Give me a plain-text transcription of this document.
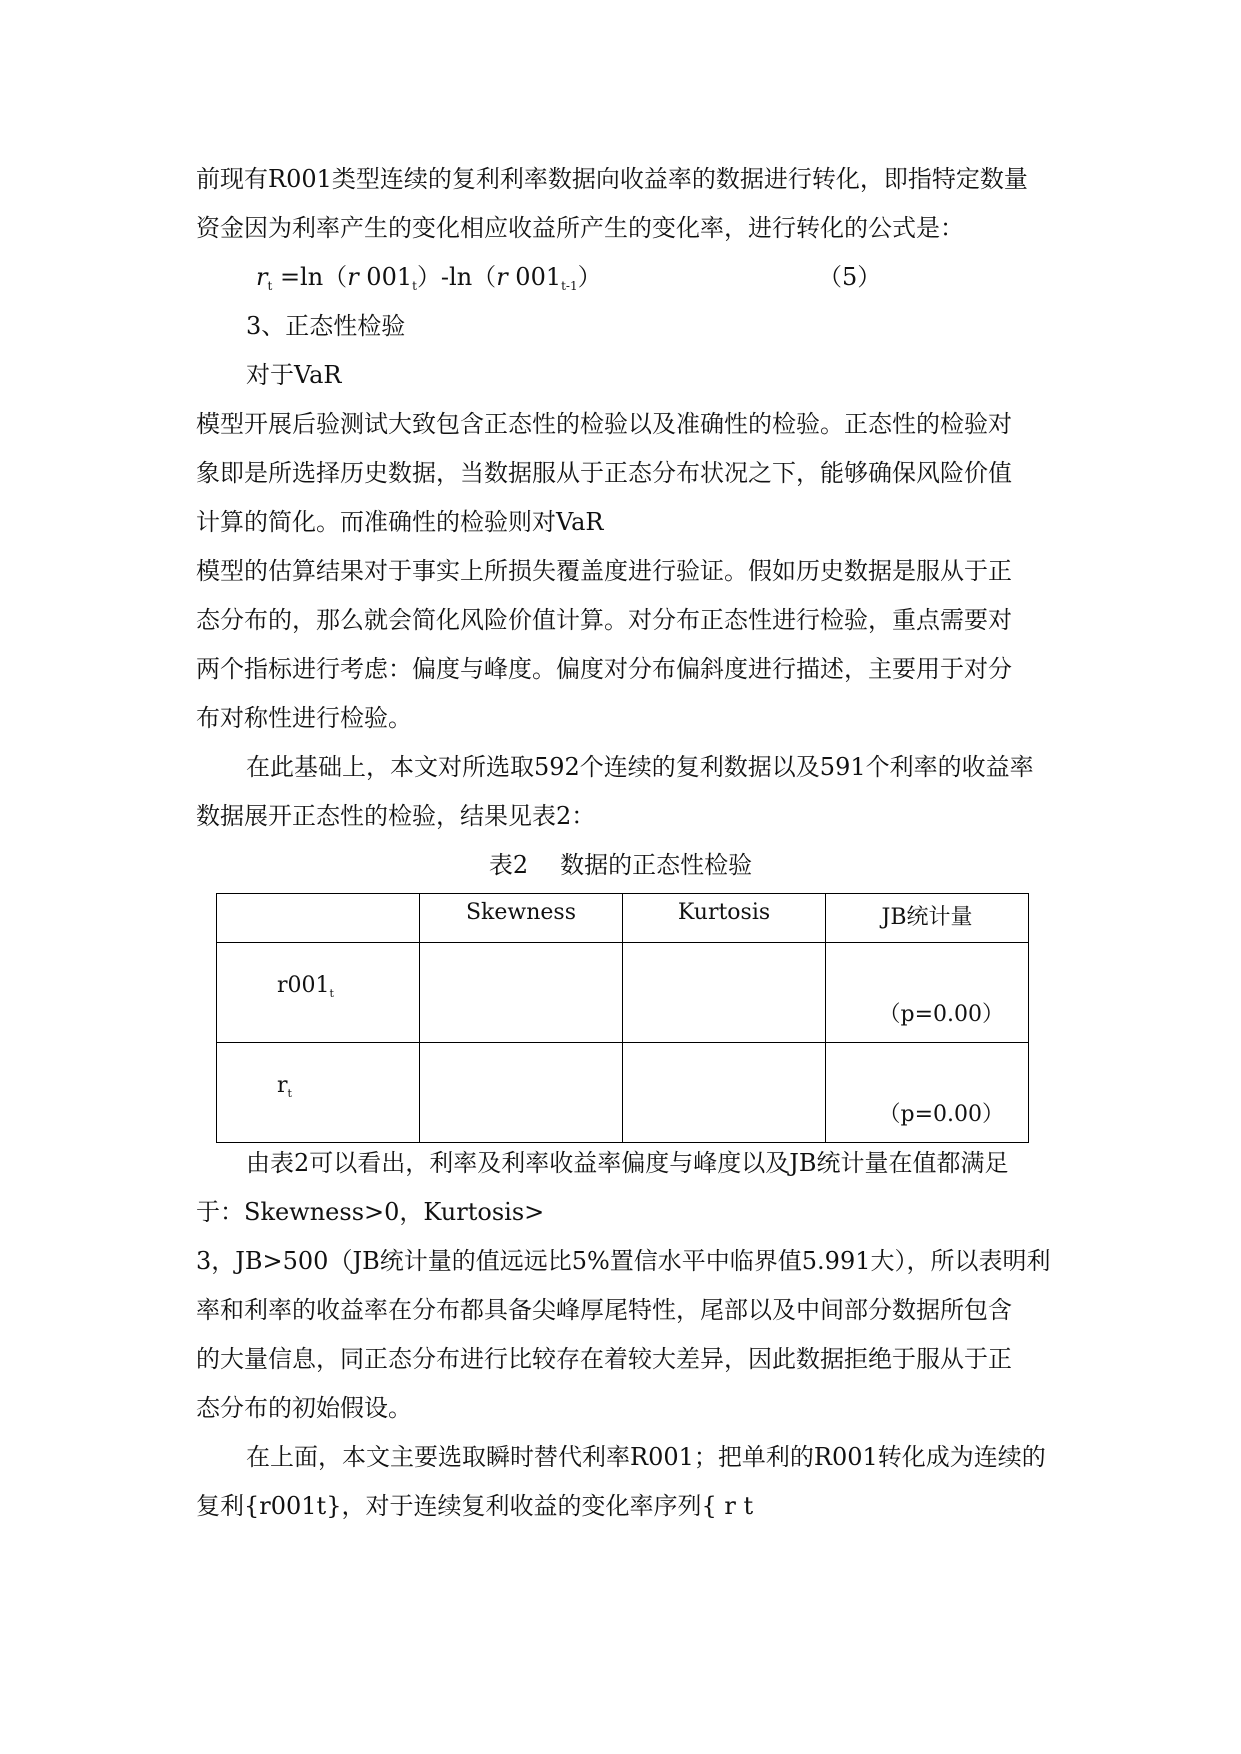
前现有R001类型连续的复利利率数据向收益率的数据进行转化，即指特定数量
资金因为利率产生的变化相应收益所产生的变化率，进行转化的公式是：
$r_t =\ln(r$ $001_t)-\ln(r$ $001_{t-1}$）	（5）
3、正态性检验
对于VaR
模型开展后验测试大致包含正态性的检验以及准确性的检验。正态性的检验对
象即是所选择历史数据，当数据服从于正态分布状况之下，能够确保风险价值
计算的简化。而准确性的检验则对VaR
模型的估算结果对于事实上所损失覆盖度进行验证。假如历史数据是服从于正
态分布的，那么就会简化风险价值计算。对分布正态性进行检验，重点需要对
两个指标进行考虑：偏度与峰度。偏度对分布偏斜度进行描述，主要用于对分
布对称性进行检验。
在此基础上，本文对所选取592个连续的复利数据以及591个利率的收益率
数据展开正态性的检验，结果见表2：
表2 数据的正态性检验
	Skewness	Kurtosis	JB统计量

$r001_t$			（p=0.00）

$r_t$			（p=0.00）
由表2可以看出，利率及利率收益率偏度与峰度以及JB统计量在值都满足
于：Skewness>0，Kurtosis>
3，JB>500（JB统计量的值远远比5%置信水平中临界值5.991大），所以表明利
率和利率的收益率在分布都具备尖峰厚尾特性，尾部以及中间部分数据所包含
的大量信息，同正态分布进行比较存在着较大差异，因此数据拒绝于服从于正
态分布的初始假设。
在上面，本文主要选取瞬时替代利率R001；把单利的R001转化成为连续的
复利{r001t}，对于连续复利收益的变化率序列{ r t
